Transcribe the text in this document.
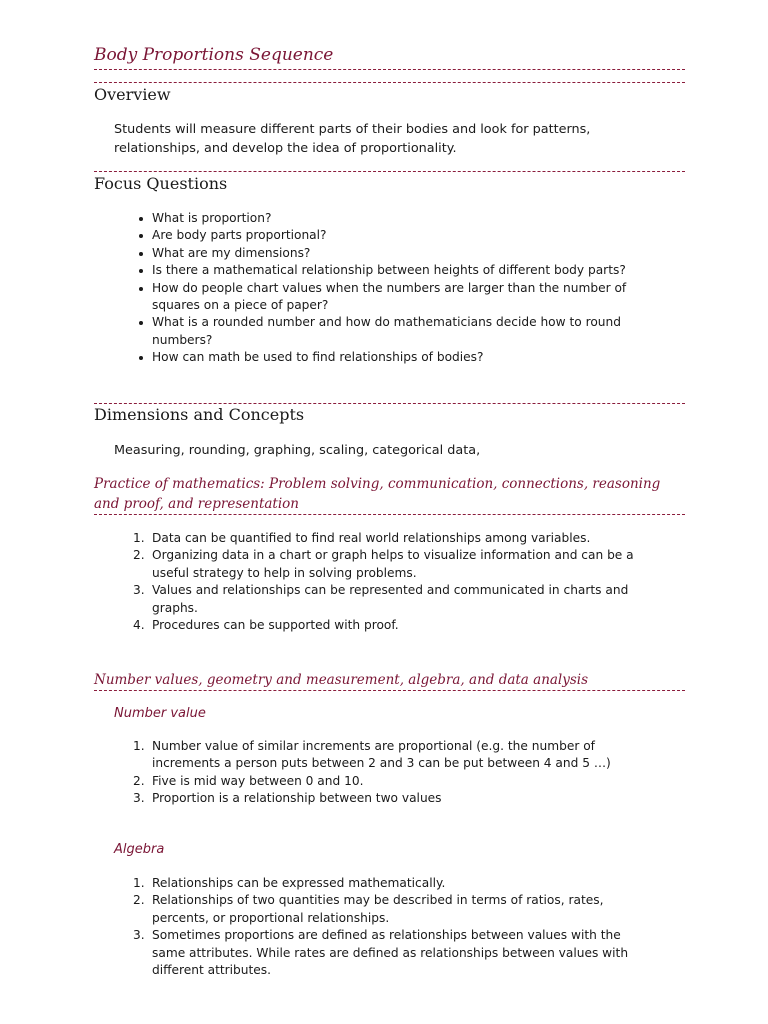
Body Proportions Sequence
Overview

Students will measure different parts of their bodies and look for patterns, relationships, and develop the idea of proportionality.

Focus Questions
What is proportion?
Are body parts proportional?
What are my dimensions?
Is there a mathematical relationship between heights of different body parts?
How do people chart values when the numbers are larger than the number of squares on a piece of paper?
What is a rounded number and how do mathematicians decide how to round numbers?
How can math be used to find relationships of bodies?
Dimensions and Concepts

Measuring, rounding, graphing, scaling, categorical data,

Practice of mathematics: Problem solving, communication, connections, reasoning and proof, and representation
Data can be quantified to find real world relationships among variables.
Organizing data in a chart or graph helps to visualize information and can be a useful strategy to help in solving problems.
Values and relationships can be represented and communicated in charts and graphs.
Procedures can be supported with proof.
Number values, geometry and measurement, algebra, and data analysis
Number value
Number value of similar increments are proportional (e.g. the number of increments a person puts between 2 and 3 can be put between 4 and 5 …)
Five is mid way between 0 and 10.
Proportion is a relationship between two values
Algebra
Relationships can be expressed mathematically.
Relationships of two quantities may be described in terms of ratios, rates, percents, or proportional relationships.
Sometimes proportions are defined as relationships between values with the same attributes. While rates are defined as relationships between values with different attributes.
